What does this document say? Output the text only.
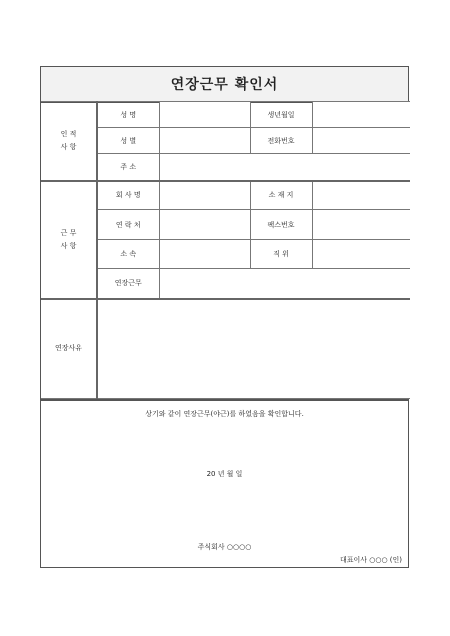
연장근무 확인서
인 적
사 항	성 명		생년월일	
	성 별		전화번호	
	주 소			

근 무
사 항	회 사 명		소 재 지	
	연 락 처		팩스번호	
	소 속		직 위	
	연장근무			
연장사유				
상기와 같이 연장근무(야근)를 하였음을 확인합니다.
20 년 월 일
주식회사 ○○○○
대표이사 ○○○ (인)
